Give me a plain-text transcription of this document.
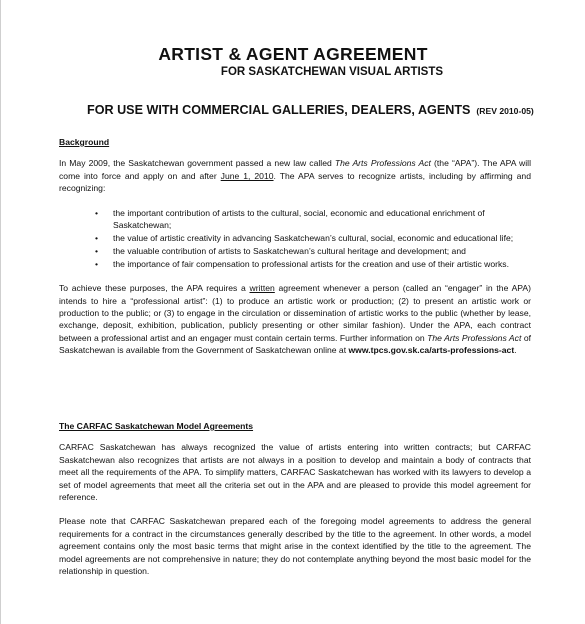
ARTIST & AGENT AGREEMENT
FOR SASKATCHEWAN VISUAL ARTISTS
FOR USE WITH COMMERCIAL GALLERIES, DEALERS, AGENTS (REV 2010-05)
Background
In May 2009, the Saskatchewan government passed a new law called The Arts Professions Act (the “APA”). The APA will come into force and apply on and after June 1, 2010. The APA serves to recognize artists, including by affirming and recognizing:
• the important contribution of artists to the cultural, social, economic and educational enrichment of Saskatchewan;
• the value of artistic creativity in advancing Saskatchewan’s cultural, social, economic and educational life;
• the valuable contribution of artists to Saskatchewan’s cultural heritage and development; and
• the importance of fair compensation to professional artists for the creation and use of their artistic works.
To achieve these purposes, the APA requires a written agreement whenever a person (called an “engager” in the APA) intends to hire a “professional artist”: (1) to produce an artistic work or production; (2) to present an artistic work or production to the public; or (3) to engage in the circulation or dissemination of artistic works to the public (whether by lease, exchange, deposit, exhibition, publication, publicly presenting or other similar fashion). Under the APA, each contract between a professional artist and an engager must contain certain terms. Further information on The Arts Professions Act of Saskatchewan is available from the Government of Saskatchewan online at www.tpcs.gov.sk.ca/arts-professions-act.
The CARFAC Saskatchewan Model Agreements
CARFAC Saskatchewan has always recognized the value of artists entering into written contracts; but CARFAC Saskatchewan also recognizes that artists are not always in a position to develop and maintain a body of contracts that meet all the requirements of the APA. To simplify matters, CARFAC Saskatchewan has worked with its lawyers to develop a set of model agreements that meet all the criteria set out in the APA and are pleased to provide this model agreement for reference.
Please note that CARFAC Saskatchewan prepared each of the foregoing model agreements to address the general requirements for a contract in the circumstances generally described by the title to the agreement. In other words, a model agreement contains only the most basic terms that might arise in the context identified by the title to the agreement. The model agreements are not comprehensive in nature; they do not contemplate anything beyond the most basic model for the relationship in question.
